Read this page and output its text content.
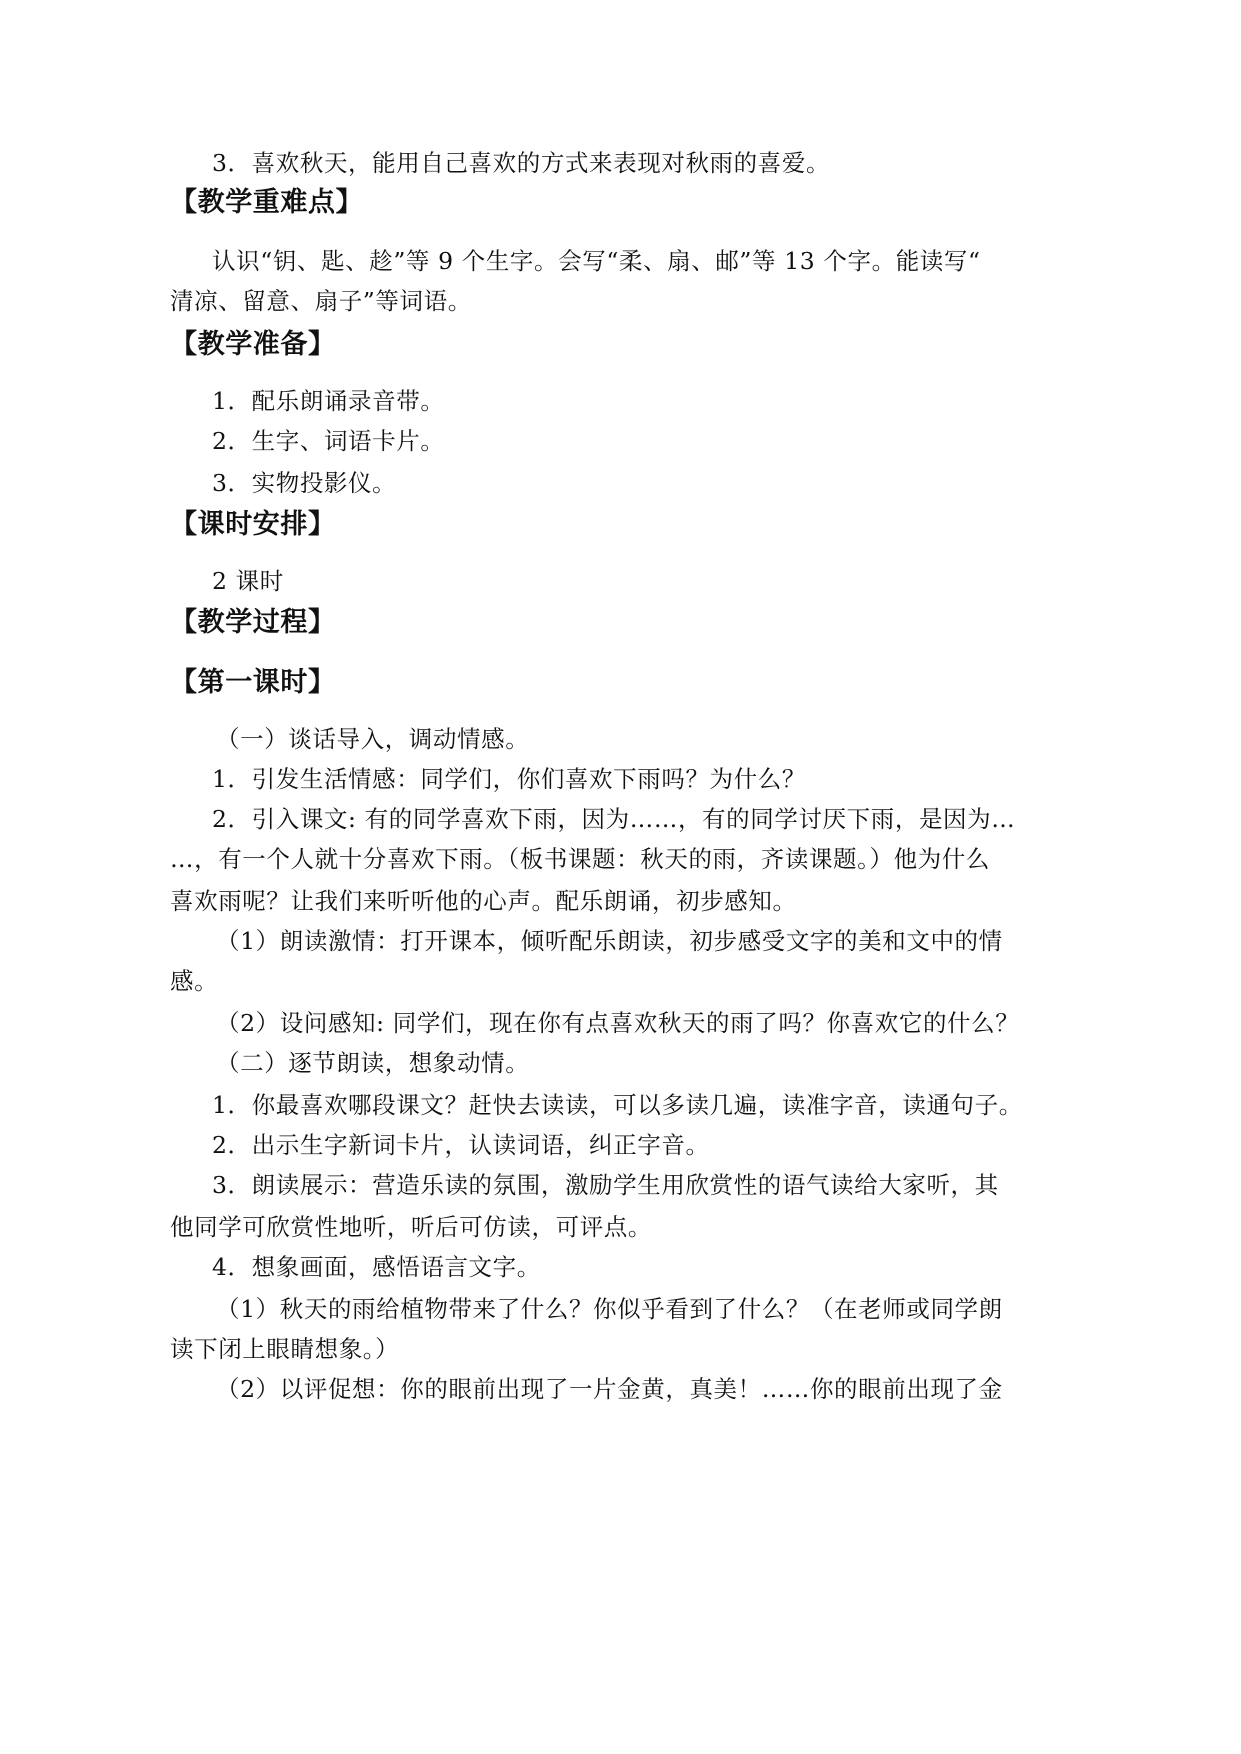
3．喜欢秋天，能用自己喜欢的方式来表现对秋雨的喜爱。
【教学重难点】
认识“钥、匙、趁”等 9 个生字。会写“柔、扇、邮”等 13 个字。能读写“
清凉、留意、扇子”等词语。
【教学准备】
1．配乐朗诵录音带。
2．生字、词语卡片。
3．实物投影仪。
【课时安排】
2 课时
【教学过程】
【第一课时】
（一）谈话导入，调动情感。
1．引发生活情感：同学们，你们喜欢下雨吗？为什么？
2．引入课文: 有的同学喜欢下雨，因为……，有的同学讨厌下雨，是因为…
…，有一个人就十分喜欢下雨。（板书课题：秋天的雨，齐读课题。）他为什么
喜欢雨呢？让我们来听听他的心声。配乐朗诵，初步感知。
（1）朗读激情：打开课本，倾听配乐朗读，初步感受文字的美和文中的情
感。
（2）设问感知: 同学们，现在你有点喜欢秋天的雨了吗？你喜欢它的什么？
（二）逐节朗读，想象动情。
1．你最喜欢哪段课文？赶快去读读，可以多读几遍，读准字音，读通句子。
2．出示生字新词卡片，认读词语，纠正字音。
3．朗读展示：营造乐读的氛围，激励学生用欣赏性的语气读给大家听，其
他同学可欣赏性地听，听后可仿读，可评点。
4．想象画面，感悟语言文字。
（1）秋天的雨给植物带来了什么？你似乎看到了什么？（在老师或同学朗
读下闭上眼睛想象。）
（2）以评促想：你的眼前出现了一片金黄，真美！……你的眼前出现了金
